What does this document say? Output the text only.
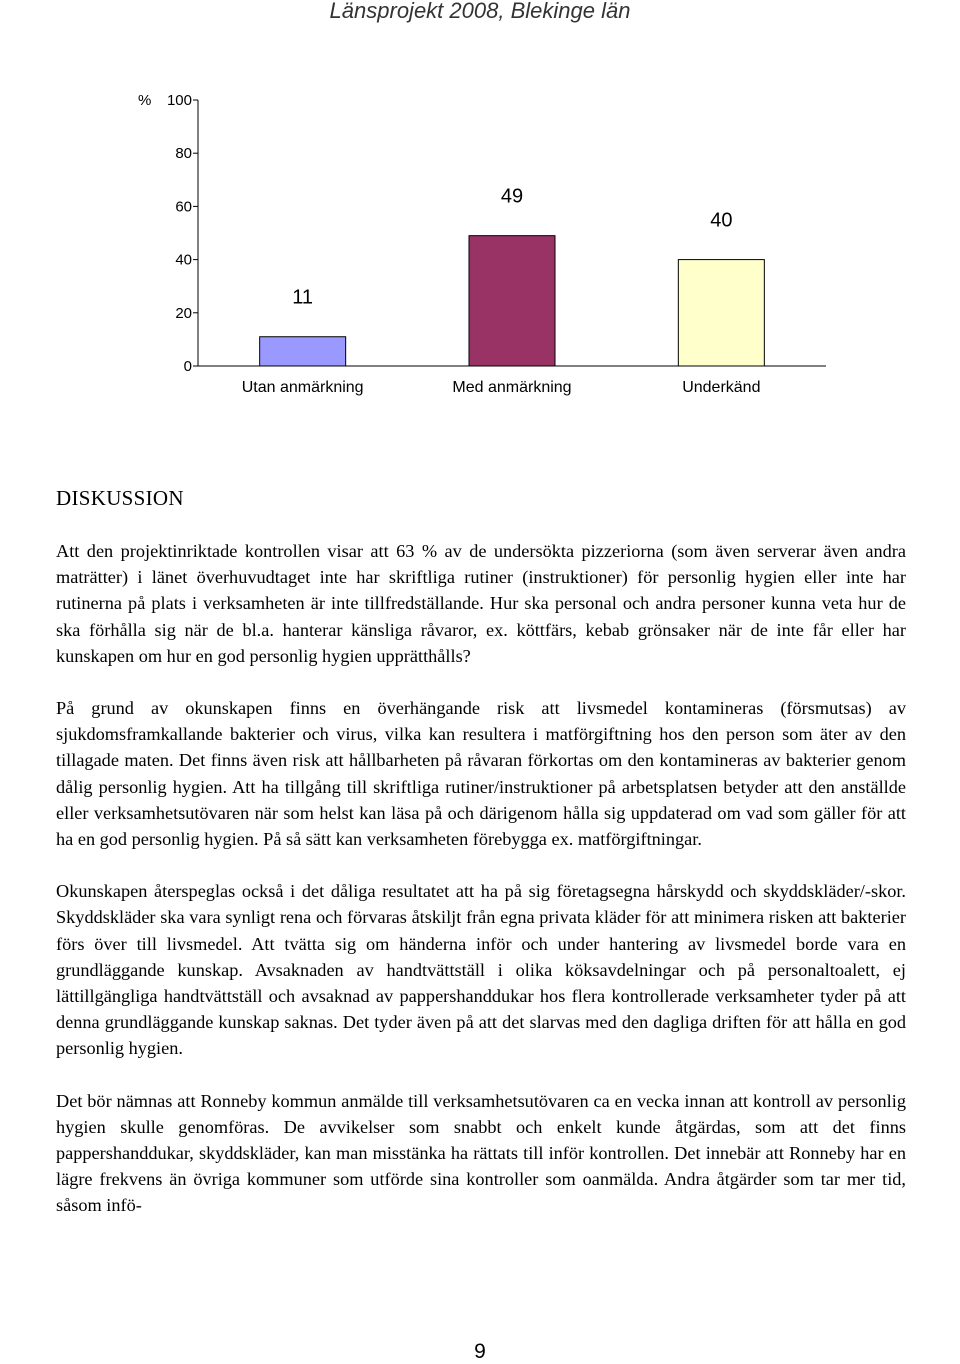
Länsprojekt 2008, Blekinge län
0
20
40
60
80
100
%
11
Utan anmärkning
49
Med anmärkning
40
Underkänd
DISKUSSION

Att den projektinriktade kontrollen visar att 63 % av de undersökta pizzeriorna (som även serverar även andra maträtter) i länet överhuvudtaget inte har skriftliga rutiner (instruktioner) för personlig hygien eller inte har rutinerna på plats i verksamheten är inte tillfredställande. Hur ska personal och andra personer kunna veta hur de ska förhålla sig när de bl.a. hanterar känsliga råvaror, ex. köttfärs, kebab grönsaker när de inte får eller har kunskapen om hur en god personlig hygien upprätthålls?

På grund av okunskapen finns en överhängande risk att livsmedel kontamineras (försmutsas) av sjukdomsframkallande bakterier och virus, vilka kan resultera i matförgiftning hos den person som äter av den tillagade maten. Det finns även risk att hållbarheten på råvaran förkortas om den kontamineras av bakterier genom dålig personlig hygien. Att ha tillgång till skriftliga rutiner/instruktioner på arbetsplatsen betyder att den anställde eller verksamhetsutövaren när som helst kan läsa på och därigenom hålla sig uppdaterad om vad som gäller för att ha en god personlig hygien. På så sätt kan verksamheten förebygga ex. matförgiftningar.

Okunskapen återspeglas också i det dåliga resultatet att ha på sig företagsegna hårskydd och skyddskläder/-skor. Skyddskläder ska vara synligt rena och förvaras åtskiljt från egna privata kläder för att minimera risken att bakterier förs över till livsmedel. Att tvätta sig om händerna inför och under hantering av livsmedel borde vara en grundläggande kunskap. Avsaknaden av handtvättställ i olika köksavdelningar och på personaltoalett, ej lättillgängliga handtvättställ och avsaknad av pappershanddukar hos flera kontrollerade verksamheter tyder på att denna grundläggande kunskap saknas. Det tyder även på att det slarvas med den dagliga driften för att hålla en god personlig hygien.

Det bör nämnas att Ronneby kommun anmälde till verksamhetsutövaren ca en vecka innan att kontroll av personlig hygien skulle genomföras. De avvikelser som snabbt och enkelt kunde åtgärdas, som att det finns pappershanddukar, skyddskläder, kan man misstänka ha rättats till inför kontrollen. Det innebär att Ronneby har en lägre frekvens än övriga kommuner som utförde sina kontroller som oanmälda. Andra åtgärder som tar mer tid, såsom infö-

9
